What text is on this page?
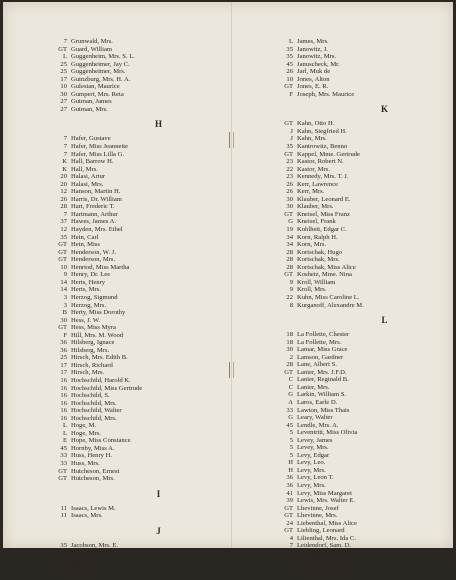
7 Grunwald, Mrs.
GT Guard, William
L Guggenheim, Mrs. S. L.
25 Guggenheimer, Jay C.
25 Guggenheimer, Mrs.
17 Guinzburg, Mrs. H. A.
10 Gulesian, Maurice
30 Gumpert, Mrs. Reta
27 Gutman, James
27 Gutman, Mrs.
H
7 Hafer, Gustave
7 Hafer, Miss Jeannette
7 Hafer, Miss Lilla G.
K Hall, Barrow H.
K Hall, Mrs.
20 Halasi, Artur
20 Halasi, Mrs.
12 Hanson, Martin H.
26 Harris, Dr. William
28 Hart, Frederic T.
7 Hartmann, Arthur
37 Hawes, James A.
12 Hayden, Mrs. Ethel
35 Hein, Carl
GT Hein, Miss
GT Henderson, W. J.
GT Henderson, Mrs.
10 Henriod, Miss Martha
9 Henry, Dr. Lee
14 Herts, Henry
14 Herts, Mrs.
3 Herzog, Sigmund
3 Herzog, Mrs.
B Herty, Miss Dorothy
30 Hess, J. W.
GT Hess, Miss Myra
F Hill, Mrs. M. Wood
36 Hilsberg, Ignace
36 Hilsberg, Mrs.
25 Hirsch, Mrs. Edith B.
17 Hirsch, Richard
17 Hirsch, Mrs.
16 Hochschild, Harold K.
16 Hochschild, Miss Gertrude
16 Hochschild, S.
16 Hochschild, Mrs.
16 Hochschild, Walter
16 Hochschild, Mrs.
L Hoge, M.
L Hoge, Mrs.
E Hope, Miss Constance
45 Hornby, Miss A.
33 Huss, Henry H.
33 Huss, Mrs.
GT Hutcheson, Ernest
GT Hutcheson, Mrs.
I
11 Isaacs, Lewis M.
11 Isaacs, Mrs.
J
35 Jacobson, Mrs. E.
36 Jais, Jacob D.
36 Jais, Mrs.
L James, Philip
L James, Mrs.
35 Janowitz, J.
35 Janowitz, Mrs.
45 Januscheck, Mr.
26 Jarl, Muk de
10 Jones, Alton
GT Jones, E. R.
F Joseph, Mrs. Maurice
K
GT Kahn, Otto H.
J Kahn, Siegfried H.
J Kahn, Mrs.
35 Kantrowitz, Benno
GT Kappel, Mme. Gertrude
23 Kastor, Robert N.
22 Kastor, Mrs.
23 Kennedy, Mrs. T. J.
26 Kerr, Lawrence
26 Kerr, Mrs.
30 Klauber, Leonard E.
30 Klauber, Mrs.
GT Kneisel, Miss Franz
G Kneisel, Frank
19 Kohlhett, Edgar C.
34 Korn, Ralph H.
34 Korn, Mrs.
28 Kortschak, Hugo
28 Kortschak, Mrs.
28 Kortschak, Miss Alice
GT Koshetz, Mme. Nina
9 Kroll, William
9 Kroll, Mrs.
22 Kuhn, Miss Caroline L.
8 Kurganoff, Alexandre M.
L
18 La Follette, Chester
18 La Follette, Mrs.
30 Lamar, Miss Grace
2 Lamson, Gardner
28 Lane, Albert S.
GT Lanier, Mrs. J.F.D.
C Lanier, Reginald B.
C Lanier, Mrs.
G Larkin, William S.
A Laros, Earle D.
33 Lawton, Miss Thais
G Leary, Walter
45 Lendle, Mrs. A.
5 Leventritt, Miss Olivia
5 Levey, James
5 Levey, Mrs.
5 Levy, Edgar
H Levy, Leo.
H Levy, Mrs.
36 Levy, Leon T.
36 Levy, Mrs.
41 Levy, Miss Margaret
39 Lewis, Mrs. Walter E.
GT Lhevinne, Josef
GT Lhevinne, Mrs.
24 Liebenthal, Miss Alice
GT Liebling, Leonard
4 Lilienthal, Mrs. Ida C.
7 Leidendorf, Sam. D.
7 Leidendorf, Mrs.
GT Liebling, Leonard
4 Loesser, Mrs. Julia
39 Loewenstein, Wilhelm
